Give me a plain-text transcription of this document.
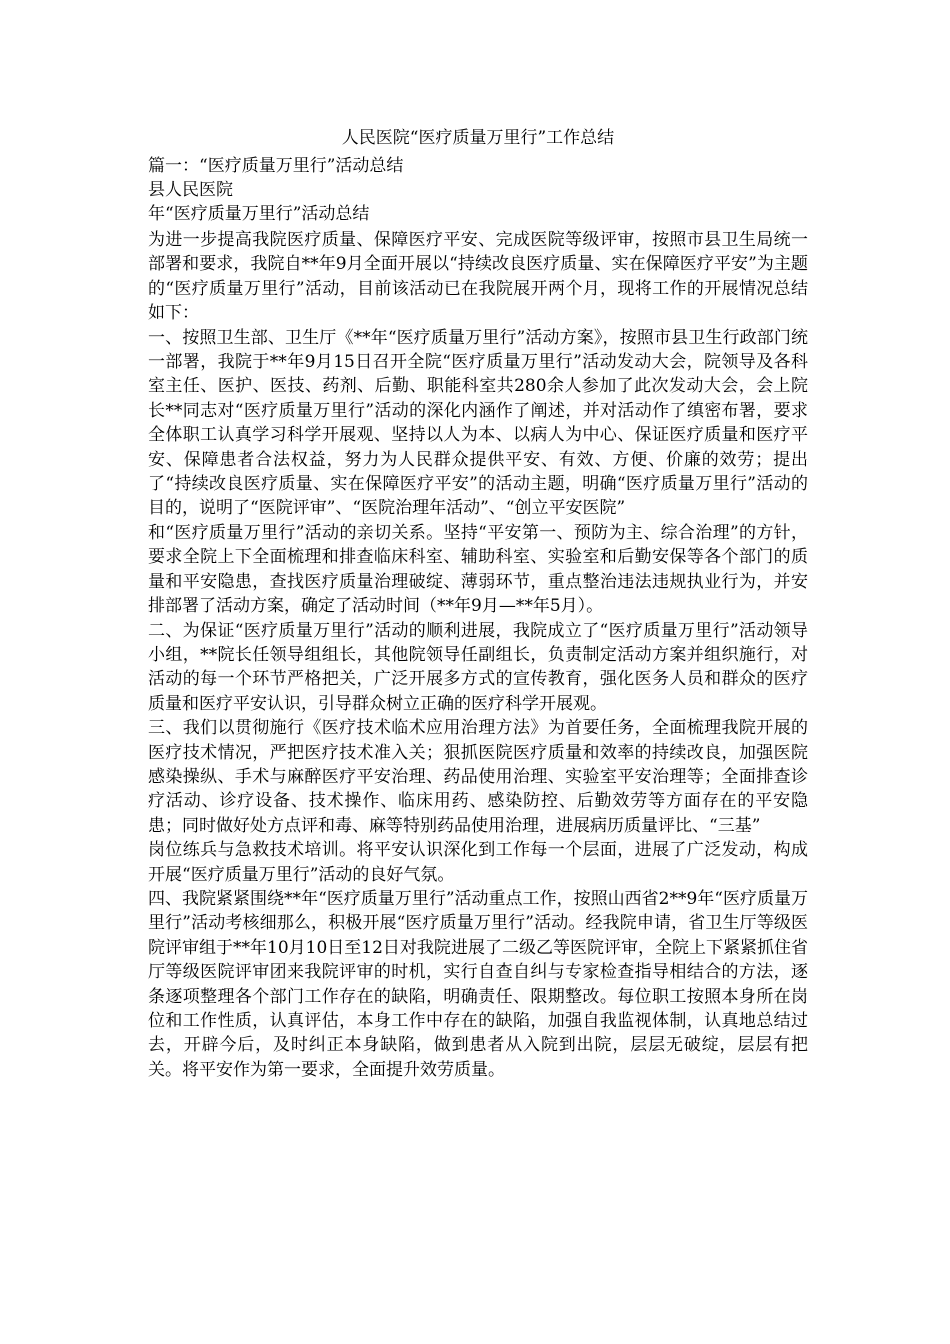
人民医院“医疗质量万里行”工作总结
篇一：“医疗质量万里行”活动总结
县人民医院
年“医疗质量万里行”活动总结

为进一步提高我院医疗质量、保障医疗平安、完成医院等级评审，按照市县卫生局统一部署和要求，我院自**年9月全面开展以“持续改良医疗质量、实在保障医疗平安”为主题的“医疗质量万里行”活动，目前该活动已在我院展开两个月，现将工作的开展情况总结如下：

一、按照卫生部、卫生厅《**年“医疗质量万里行”活动方案》，按照市县卫生行政部门统一部署，我院于**年9月15日召开全院“医疗质量万里行”活动发动大会，院领导及各科室主任、医护、医技、药剂、后勤、职能科室共280余人参加了此次发动大会，会上院长**同志对“医疗质量万里行”活动的深化内涵作了阐述，并对活动作了缜密布署，要求全体职工认真学习科学开展观、坚持以人为本、以病人为中心、保证医疗质量和医疗平安、保障患者合法权益，努力为人民群众提供平安、有效、方便、价廉的效劳；提出了“持续改良医疗质量、实在保障医疗平安”的活动主题，明确“医疗质量万里行”活动的目的，说明了“医院评审”、“医院治理年活动”、“创立平安医院”

和“医疗质量万里行”活动的亲切关系。坚持“平安第一、预防为主、综合治理”的方针，要求全院上下全面梳理和排查临床科室、辅助科室、实验室和后勤安保等各个部门的质量和平安隐患，查找医疗质量治理破绽、薄弱环节，重点整治违法违规执业行为，并安排部署了活动方案，确定了活动时间（**年9月—**年5月）。

二、为保证“医疗质量万里行”活动的顺利进展，我院成立了“医疗质量万里行”活动领导小组，**院长任领导组组长，其他院领导任副组长，负责制定活动方案并组织施行，对活动的每一个环节严格把关，广泛开展多方式的宣传教育，强化医务人员和群众的医疗质量和医疗平安认识，引导群众树立正确的医疗科学开展观。

三、我们以贯彻施行《医疗技术临术应用治理方法》为首要任务，全面梳理我院开展的医疗技术情况，严把医疗技术准入关；狠抓医院医疗质量和效率的持续改良，加强医院感染操纵、手术与麻醉医疗平安治理、药品使用治理、实验室平安治理等；全面排查诊疗活动、诊疗设备、技术操作、临床用药、感染防控、后勤效劳等方面存在的平安隐患；同时做好处方点评和毒、麻等特别药品使用治理，进展病历质量评比、“三基”

岗位练兵与急救技术培训。将平安认识深化到工作每一个层面，进展了广泛发动，构成开展“医疗质量万里行”活动的良好气氛。

四、我院紧紧围绕**年“医疗质量万里行”活动重点工作，按照山西省2**9年“医疗质量万里行”活动考核细那么，积极开展“医疗质量万里行”活动。经我院申请，省卫生厅等级医院评审组于**年10月10日至12日对我院进展了二级乙等医院评审，全院上下紧紧抓住省厅等级医院评审团来我院评审的时机，实行自查自纠与专家检查指导相结合的方法，逐条逐项整理各个部门工作存在的缺陷，明确责任、限期整改。每位职工按照本身所在岗位和工作性质，认真评估，本身工作中存在的缺陷，加强自我监视体制，认真地总结过去，开辟今后，及时纠正本身缺陷，做到患者从入院到出院，层层无破绽，层层有把关。将平安作为第一要求，全面提升效劳质量。
